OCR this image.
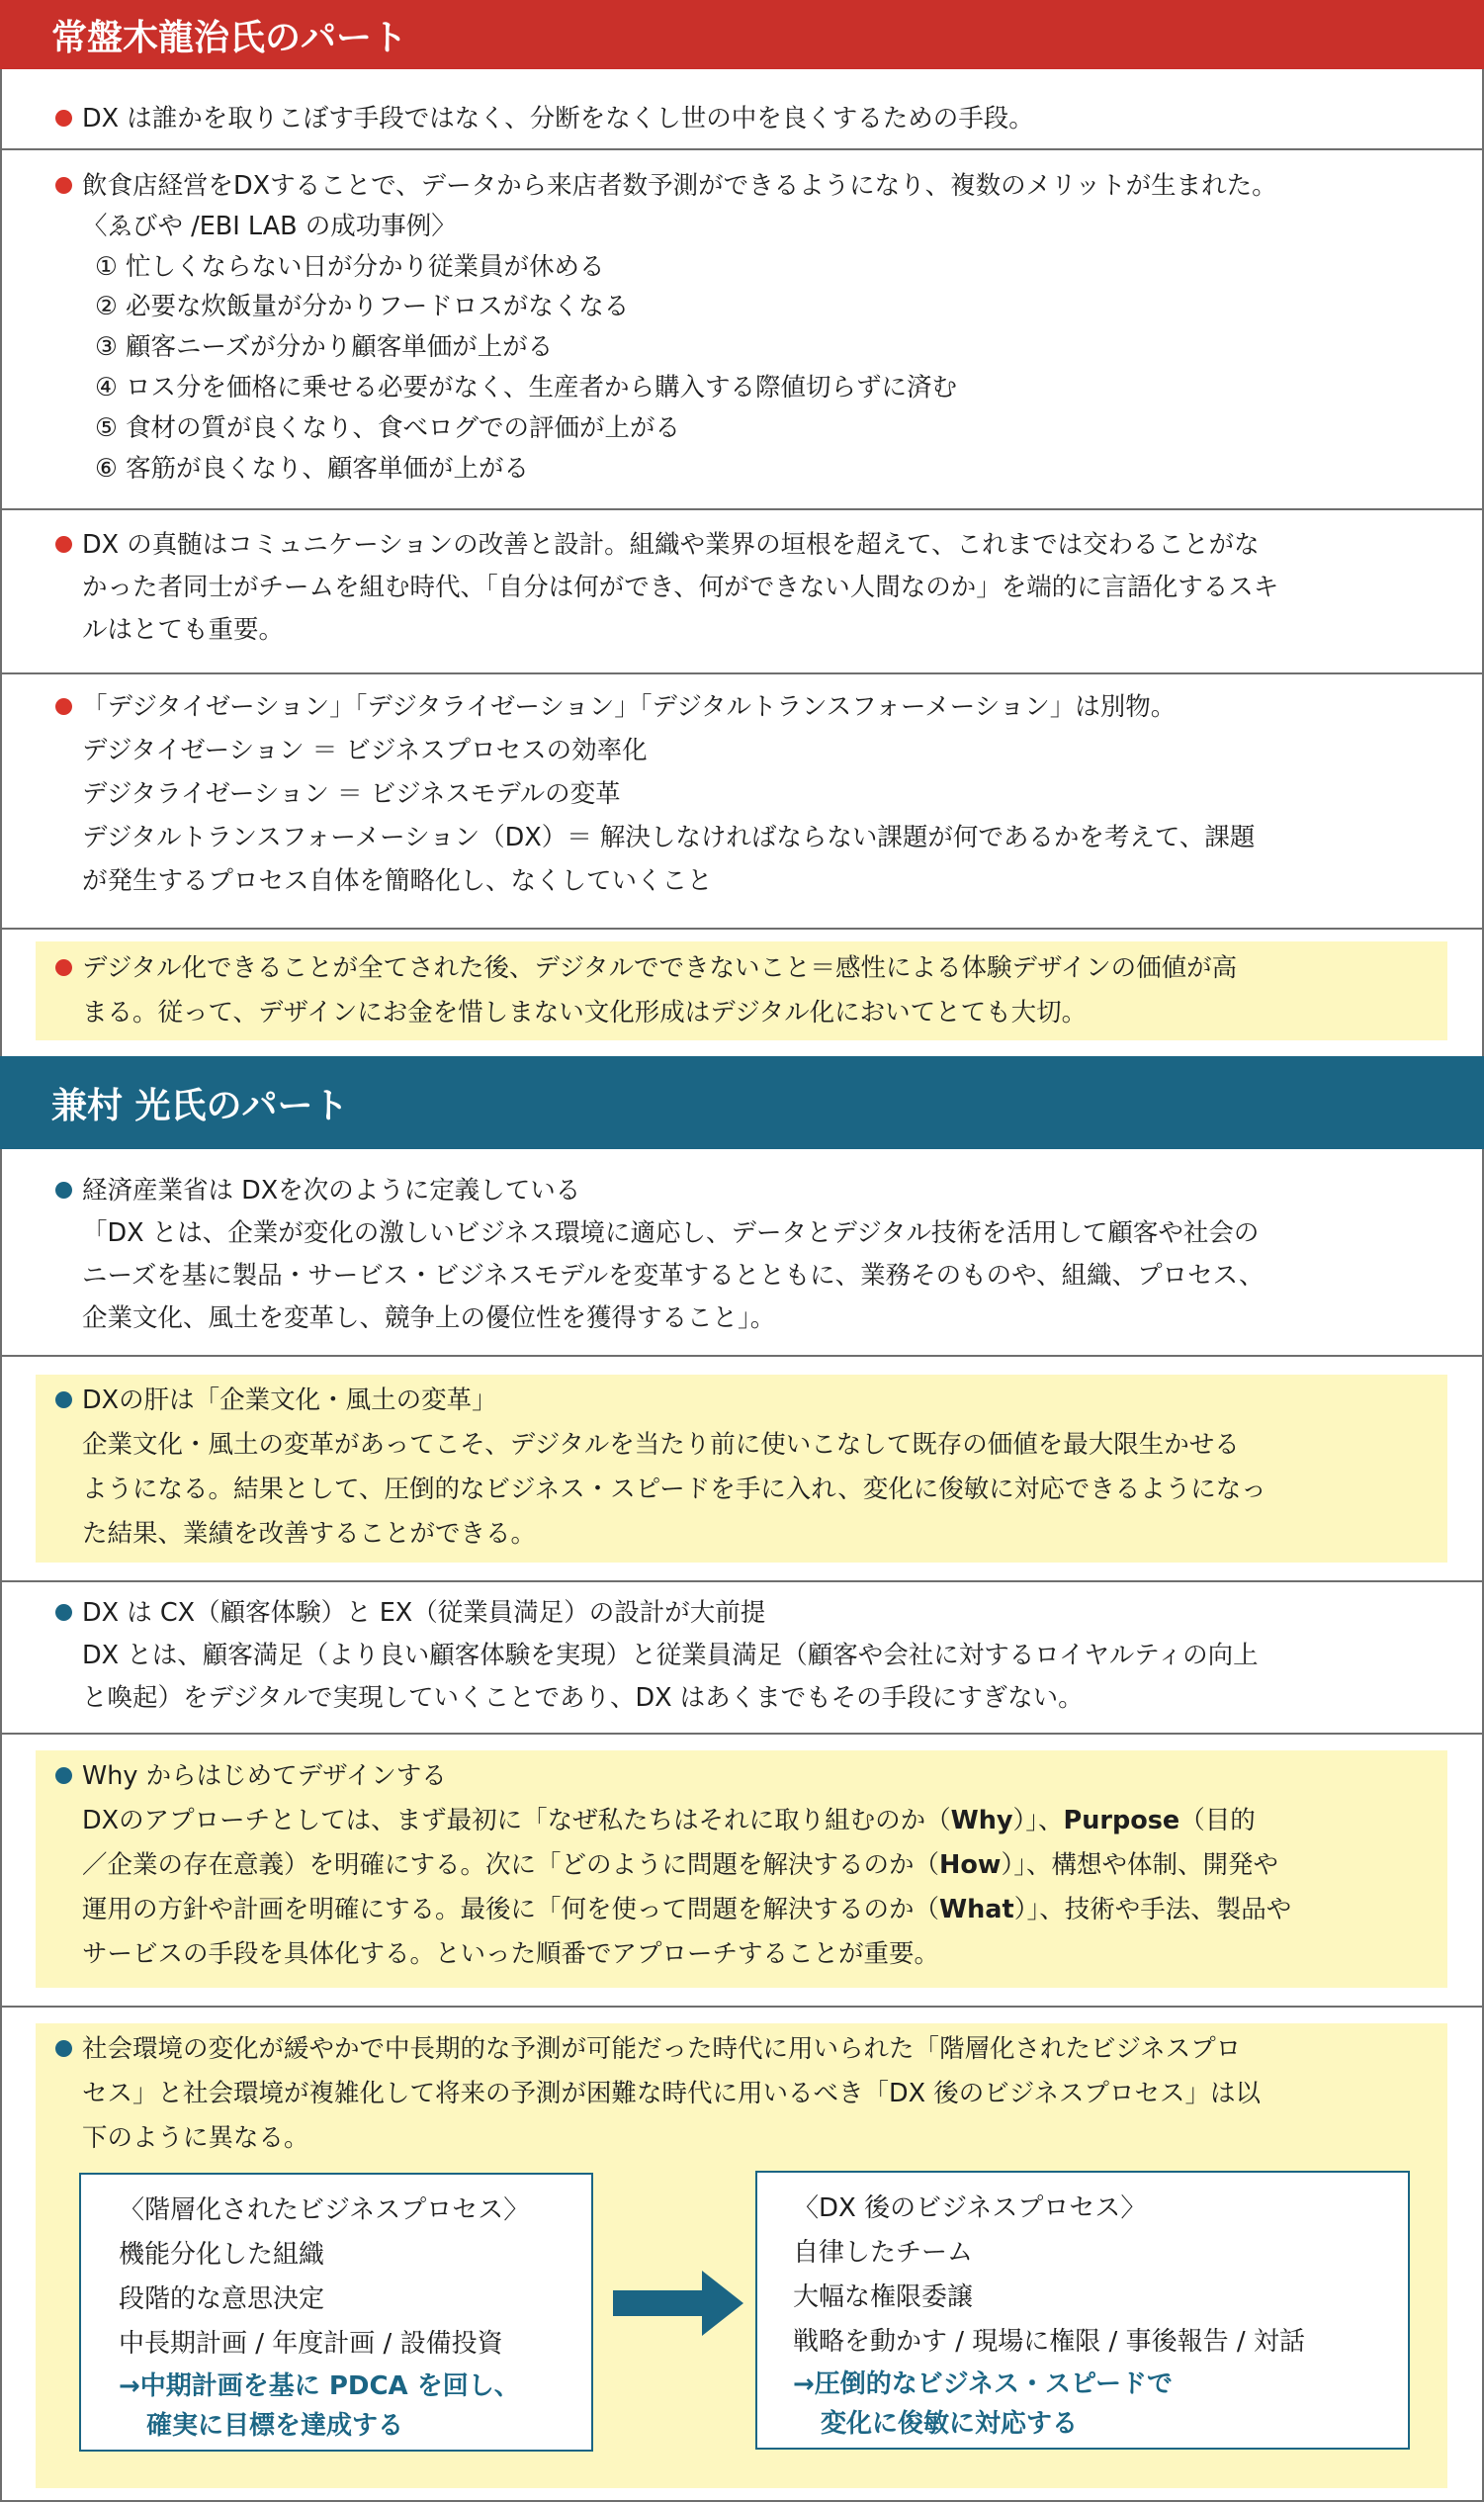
常盤木龍治氏のパート
DX は誰かを取りこぼす手段ではなく、分断をなくし世の中を良くするための手段。
飲食店経営をDXすることで、データから来店者数予測ができるようになり、複数のメリットが生まれた。
〈ゑびや /EBI LAB の成功事例〉
① 忙しくならない日が分かり従業員が休める
② 必要な炊飯量が分かりフードロスがなくなる
③ 顧客ニーズが分かり顧客単価が上がる
④ ロス分を価格に乗せる必要がなく、生産者から購入する際値切らずに済む
⑤ 食材の質が良くなり、食べログでの評価が上がる
⑥ 客筋が良くなり、顧客単価が上がる
DX の真髄はコミュニケーションの改善と設計。組織や業界の垣根を超えて、これまでは交わることがな
かった者同士がチームを組む時代、「自分は何ができ、何ができない人間なのか」を端的に言語化するスキ
ルはとても重要。
「デジタイゼーション」「デジタライゼーション」「デジタルトランスフォーメーション」は別物。
デジタイゼーション ＝ ビジネスプロセスの効率化
デジタライゼーション ＝ ビジネスモデルの変革
デジタルトランスフォーメーション（DX）＝ 解決しなければならない課題が何であるかを考えて、課題
が発生するプロセス自体を簡略化し、なくしていくこと
デジタル化できることが全てされた後、デジタルでできないこと＝感性による体験デザインの価値が高
まる。従って、デザインにお金を惜しまない文化形成はデジタル化においてとても大切。
兼村 光氏のパート
経済産業省は DXを次のように定義している
「DX とは、企業が変化の激しいビジネス環境に適応し、データとデジタル技術を活用して顧客や社会の
ニーズを基に製品・サービス・ビジネスモデルを変革するとともに、業務そのものや、組織、プロセス、
企業文化、風土を変革し、競争上の優位性を獲得すること」。
DXの肝は「企業文化・風土の変革」
企業文化・風土の変革があってこそ、デジタルを当たり前に使いこなして既存の価値を最大限生かせる
ようになる。結果として、圧倒的なビジネス・スピードを手に入れ、変化に俊敏に対応できるようになっ
た結果、業績を改善することができる。
DX は CX（顧客体験）と EX（従業員満足）の設計が大前提
DX とは、顧客満足（より良い顧客体験を実現）と従業員満足（顧客や会社に対するロイヤルティの向上
と喚起）をデジタルで実現していくことであり、DX はあくまでもその手段にすぎない。
Why からはじめてデザインする
DXのアプローチとしては、まず最初に「なぜ私たちはそれに取り組むのか（Why）」、Purpose（目的
／企業の存在意義）を明確にする。次に「どのように問題を解決するのか（How）」、構想や体制、開発や
運用の方針や計画を明確にする。最後に「何を使って問題を解決するのか（What）」、技術や手法、製品や
サービスの手段を具体化する。といった順番でアプローチすることが重要。
社会環境の変化が緩やかで中長期的な予測が可能だった時代に用いられた「階層化されたビジネスプロ
セス」と社会環境が複雑化して将来の予測が困難な時代に用いるべき「DX 後のビジネスプロセス」は以
下のように異なる。
〈階層化されたビジネスプロセス〉
機能分化した組織
段階的な意思決定
中長期計画 / 年度計画 / 設備投資
→中期計画を基に PDCA を回し、
確実に目標を達成する
〈DX 後のビジネスプロセス〉
自律したチーム
大幅な権限委譲
戦略を動かす / 現場に権限 / 事後報告 / 対話
→圧倒的なビジネス・スピードで
変化に俊敏に対応する
